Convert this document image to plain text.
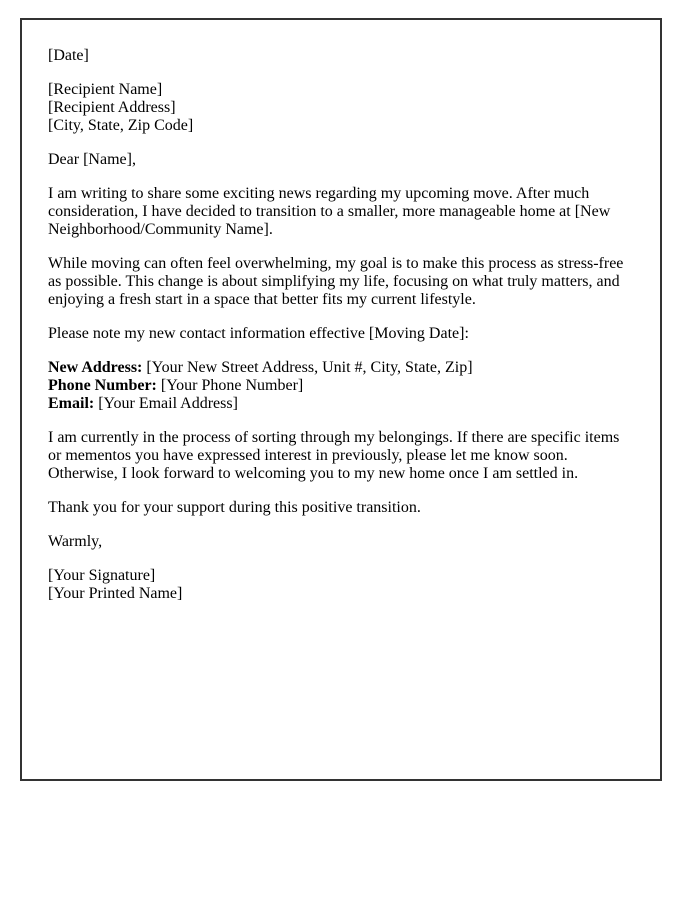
[Date]

[Recipient Name]
[Recipient Address]
[City, State, Zip Code]

Dear [Name],

I am writing to share some exciting news regarding my upcoming move. After much consideration, I have decided to transition to a smaller, more manageable home at [New Neighborhood/Community Name].

While moving can often feel overwhelming, my goal is to make this process as stress-free as possible. This change is about simplifying my life, focusing on what truly matters, and enjoying a fresh start in a space that better fits my current lifestyle.

Please note my new contact information effective [Moving Date]:

New Address: [Your New Street Address, Unit #, City, State, Zip]
Phone Number: [Your Phone Number]
Email: [Your Email Address]

I am currently in the process of sorting through my belongings. If there are specific items or mementos you have expressed interest in previously, please let me know soon. Otherwise, I look forward to welcoming you to my new home once I am settled in.

Thank you for your support during this positive transition.

Warmly,

[Your Signature]
[Your Printed Name]
